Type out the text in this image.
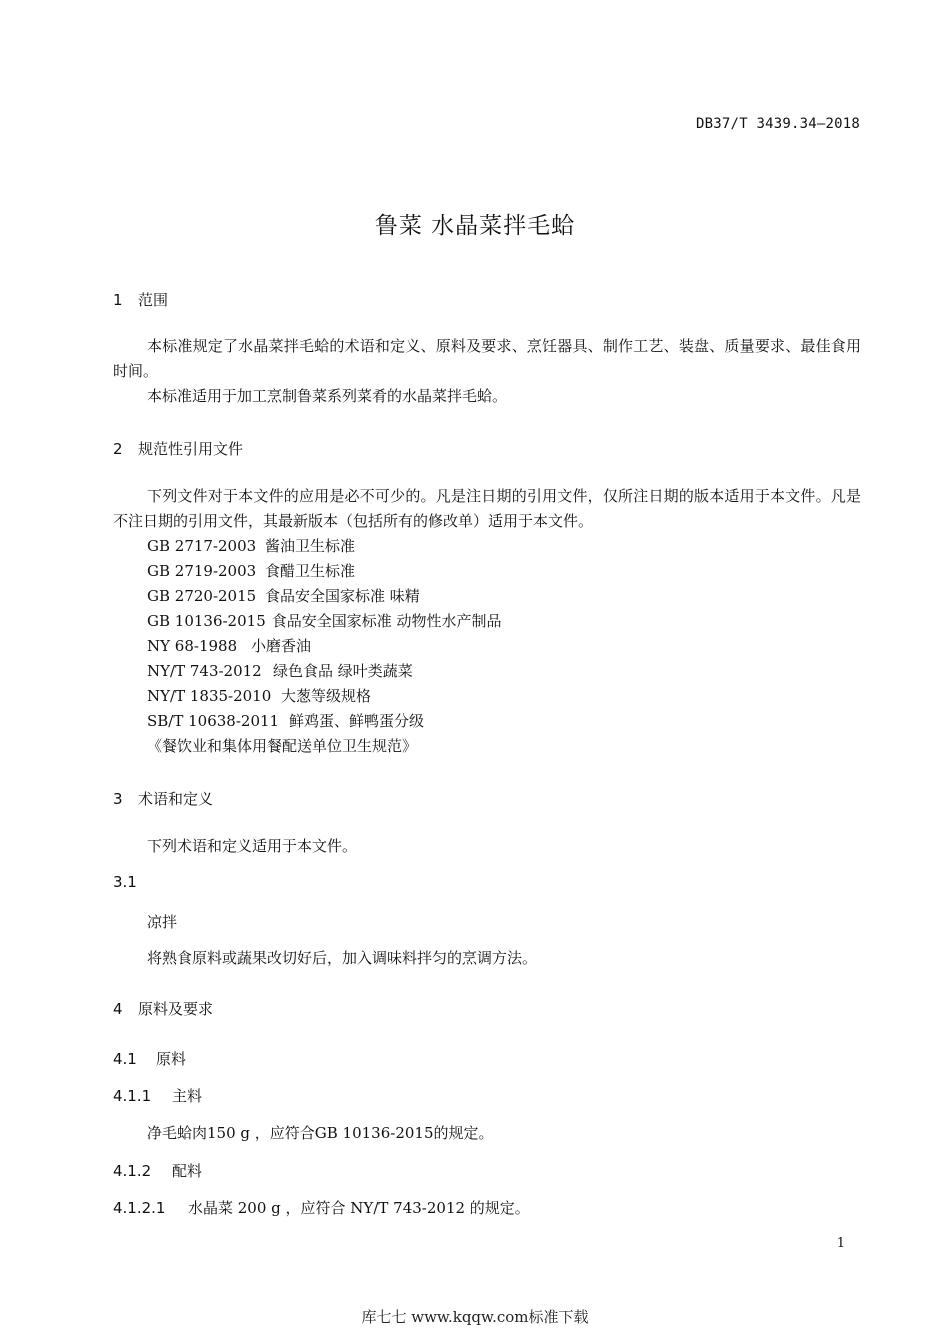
DB37/T 3439.34—2018
鲁菜 水晶菜拌毛蛤
1 范围
本标准规定了水晶菜拌毛蛤的术语和定义、原料及要求、烹饪器具、制作工艺、装盘、质量要求、最佳食用时间。
本标准适用于加工烹制鲁菜系列菜肴的水晶菜拌毛蛤。
2 规范性引用文件
下列文件对于本文件的应用是必不可少的。凡是注日期的引用文件，仅所注日期的版本适用于本文件。凡是不注日期的引用文件，其最新版本（包括所有的修改单）适用于本文件。
GB 2717-2003 酱油卫生标准
GB 2719-2003 食醋卫生标准
GB 2720-2015 食品安全国家标准 味精
GB 10136-2015 食品安全国家标准 动物性水产制品
NY 68-1988 小磨香油
NY/T 743-2012 绿色食品 绿叶类蔬菜
NY/T 1835-2010 大葱等级规格
SB/T 10638-2011 鲜鸡蛋、鲜鸭蛋分级
《餐饮业和集体用餐配送单位卫生规范》
3 术语和定义
下列术语和定义适用于本文件。
3.1
凉拌
将熟食原料或蔬果改切好后，加入调味料拌匀的烹调方法。
4 原料及要求
4.1 原料
4.1.1 主料
净毛蛤肉150 g ，应符合GB 10136-2015的规定。
4.1.2 配料
4.1.2.1 水晶菜 200 g ，应符合 NY/T 743-2012 的规定。
1
库七七 www.kqqw.com标准下载
